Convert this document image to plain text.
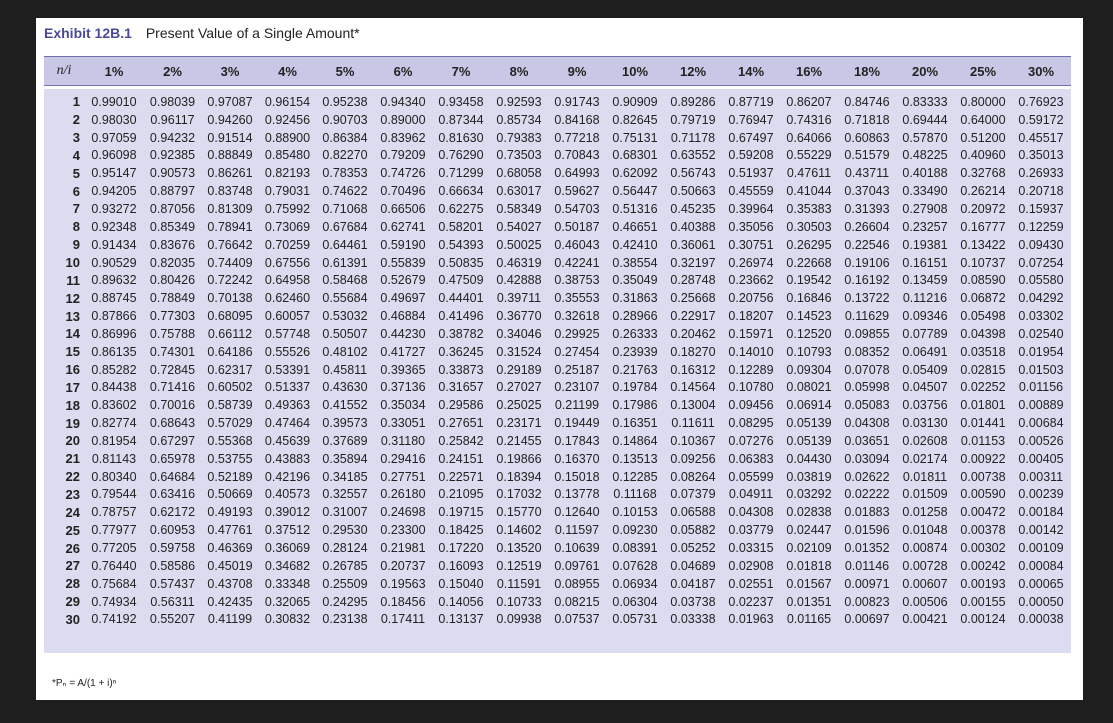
Exhibit 12B.1 Present Value of a Single Amount*
n/i	1%	2%	3%	4%	5%	6%	7%	8%	9%	10%	12%	14%	16%	18%	20%	25%	30%
1	0.99010	0.98039	0.97087	0.96154	0.95238	0.94340	0.93458	0.92593	0.91743	0.90909	0.89286	0.87719	0.86207	0.84746	0.83333	0.80000	0.76923
2	0.98030	0.96117	0.94260	0.92456	0.90703	0.89000	0.87344	0.85734	0.84168	0.82645	0.79719	0.76947	0.74316	0.71818	0.69444	0.64000	0.59172
3	0.97059	0.94232	0.91514	0.88900	0.86384	0.83962	0.81630	0.79383	0.77218	0.75131	0.71178	0.67497	0.64066	0.60863	0.57870	0.51200	0.45517
4	0.96098	0.92385	0.88849	0.85480	0.82270	0.79209	0.76290	0.73503	0.70843	0.68301	0.63552	0.59208	0.55229	0.51579	0.48225	0.40960	0.35013
5	0.95147	0.90573	0.86261	0.82193	0.78353	0.74726	0.71299	0.68058	0.64993	0.62092	0.56743	0.51937	0.47611	0.43711	0.40188	0.32768	0.26933
6	0.94205	0.88797	0.83748	0.79031	0.74622	0.70496	0.66634	0.63017	0.59627	0.56447	0.50663	0.45559	0.41044	0.37043	0.33490	0.26214	0.20718
7	0.93272	0.87056	0.81309	0.75992	0.71068	0.66506	0.62275	0.58349	0.54703	0.51316	0.45235	0.39964	0.35383	0.31393	0.27908	0.20972	0.15937
8	0.92348	0.85349	0.78941	0.73069	0.67684	0.62741	0.58201	0.54027	0.50187	0.46651	0.40388	0.35056	0.30503	0.26604	0.23257	0.16777	0.12259
9	0.91434	0.83676	0.76642	0.70259	0.64461	0.59190	0.54393	0.50025	0.46043	0.42410	0.36061	0.30751	0.26295	0.22546	0.19381	0.13422	0.09430
10	0.90529	0.82035	0.74409	0.67556	0.61391	0.55839	0.50835	0.46319	0.42241	0.38554	0.32197	0.26974	0.22668	0.19106	0.16151	0.10737	0.07254
11	0.89632	0.80426	0.72242	0.64958	0.58468	0.52679	0.47509	0.42888	0.38753	0.35049	0.28748	0.23662	0.19542	0.16192	0.13459	0.08590	0.05580
12	0.88745	0.78849	0.70138	0.62460	0.55684	0.49697	0.44401	0.39711	0.35553	0.31863	0.25668	0.20756	0.16846	0.13722	0.11216	0.06872	0.04292
13	0.87866	0.77303	0.68095	0.60057	0.53032	0.46884	0.41496	0.36770	0.32618	0.28966	0.22917	0.18207	0.14523	0.11629	0.09346	0.05498	0.03302
14	0.86996	0.75788	0.66112	0.57748	0.50507	0.44230	0.38782	0.34046	0.29925	0.26333	0.20462	0.15971	0.12520	0.09855	0.07789	0.04398	0.02540
15	0.86135	0.74301	0.64186	0.55526	0.48102	0.41727	0.36245	0.31524	0.27454	0.23939	0.18270	0.14010	0.10793	0.08352	0.06491	0.03518	0.01954
16	0.85282	0.72845	0.62317	0.53391	0.45811	0.39365	0.33873	0.29189	0.25187	0.21763	0.16312	0.12289	0.09304	0.07078	0.05409	0.02815	0.01503
17	0.84438	0.71416	0.60502	0.51337	0.43630	0.37136	0.31657	0.27027	0.23107	0.19784	0.14564	0.10780	0.08021	0.05998	0.04507	0.02252	0.01156
18	0.83602	0.70016	0.58739	0.49363	0.41552	0.35034	0.29586	0.25025	0.21199	0.17986	0.13004	0.09456	0.06914	0.05083	0.03756	0.01801	0.00889
19	0.82774	0.68643	0.57029	0.47464	0.39573	0.33051	0.27651	0.23171	0.19449	0.16351	0.11611	0.08295	0.05139	0.04308	0.03130	0.01441	0.00684
20	0.81954	0.67297	0.55368	0.45639	0.37689	0.31180	0.25842	0.21455	0.17843	0.14864	0.10367	0.07276	0.05139	0.03651	0.02608	0.01153	0.00526
21	0.81143	0.65978	0.53755	0.43883	0.35894	0.29416	0.24151	0.19866	0.16370	0.13513	0.09256	0.06383	0.04430	0.03094	0.02174	0.00922	0.00405
22	0.80340	0.64684	0.52189	0.42196	0.34185	0.27751	0.22571	0.18394	0.15018	0.12285	0.08264	0.05599	0.03819	0.02622	0.01811	0.00738	0.00311
23	0.79544	0.63416	0.50669	0.40573	0.32557	0.26180	0.21095	0.17032	0.13778	0.11168	0.07379	0.04911	0.03292	0.02222	0.01509	0.00590	0.00239
24	0.78757	0.62172	0.49193	0.39012	0.31007	0.24698	0.19715	0.15770	0.12640	0.10153	0.06588	0.04308	0.02838	0.01883	0.01258	0.00472	0.00184
25	0.77977	0.60953	0.47761	0.37512	0.29530	0.23300	0.18425	0.14602	0.11597	0.09230	0.05882	0.03779	0.02447	0.01596	0.01048	0.00378	0.00142
26	0.77205	0.59758	0.46369	0.36069	0.28124	0.21981	0.17220	0.13520	0.10639	0.08391	0.05252	0.03315	0.02109	0.01352	0.00874	0.00302	0.00109
27	0.76440	0.58586	0.45019	0.34682	0.26785	0.20737	0.16093	0.12519	0.09761	0.07628	0.04689	0.02908	0.01818	0.01146	0.00728	0.00242	0.00084
28	0.75684	0.57437	0.43708	0.33348	0.25509	0.19563	0.15040	0.11591	0.08955	0.06934	0.04187	0.02551	0.01567	0.00971	0.00607	0.00193	0.00065
29	0.74934	0.56311	0.42435	0.32065	0.24295	0.18456	0.14056	0.10733	0.08215	0.06304	0.03738	0.02237	0.01351	0.00823	0.00506	0.00155	0.00050
30	0.74192	0.55207	0.41199	0.30832	0.23138	0.17411	0.13137	0.09938	0.07537	0.05731	0.03338	0.01963	0.01165	0.00697	0.00421	0.00124	0.00038
*Pₙ = A/(1 + i)ⁿ
